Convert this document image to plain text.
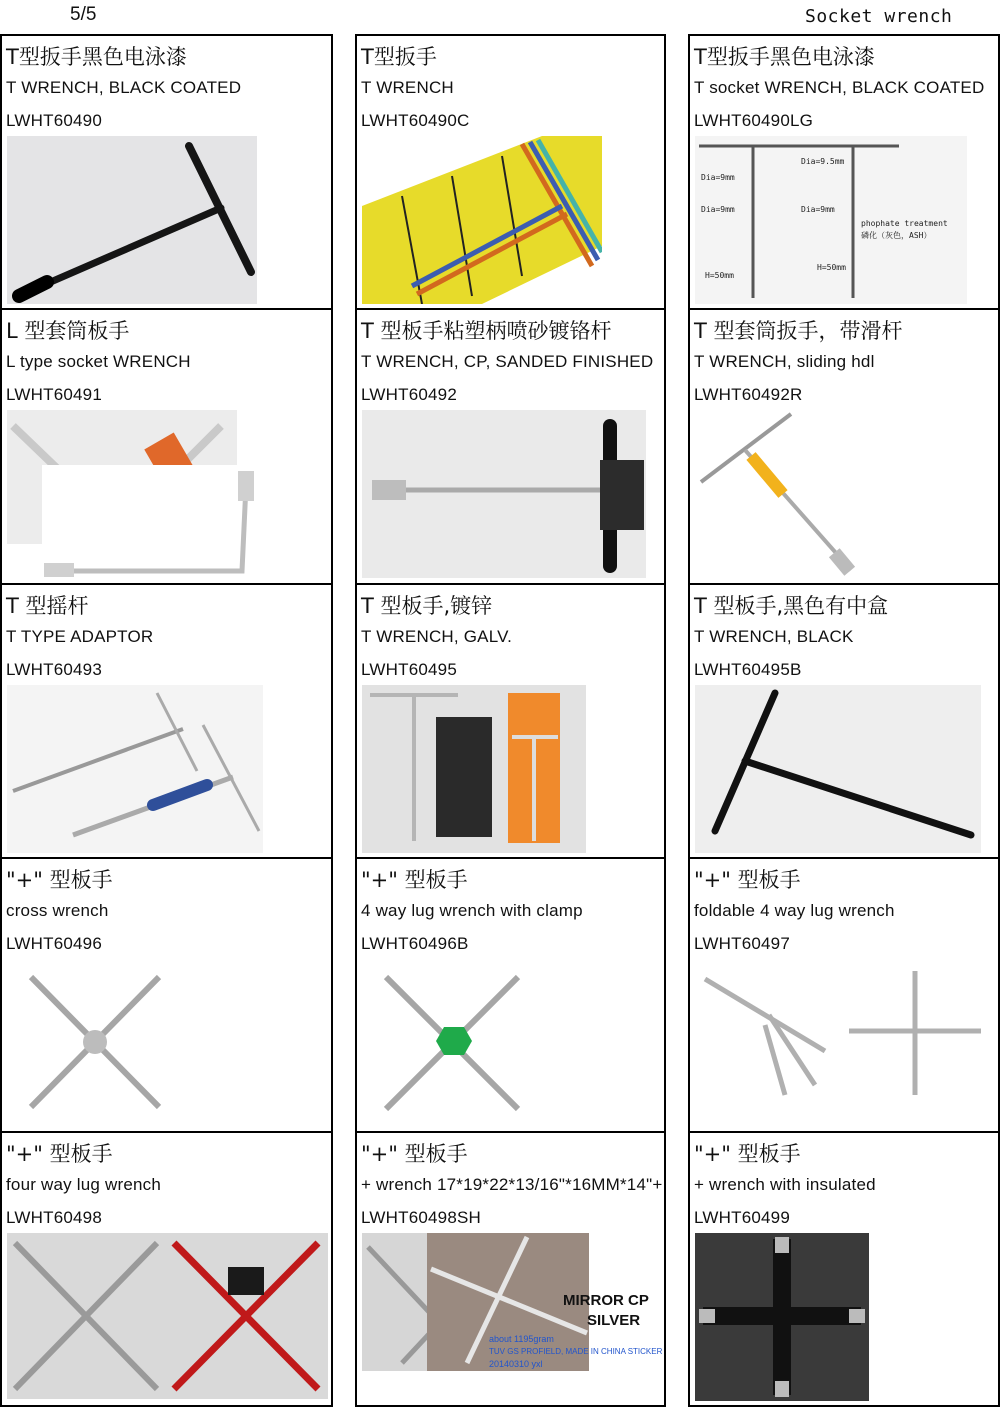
5/5	Socket wrench
T型扳手黑色电泳漆
T WRENCH, BLACK COATED
LWHT60490
T型扳手
T WRENCH
LWHT60490C
T型扳手黑色电泳漆
T socket WRENCH, BLACK COATED
LWHT60490LG
Dia=9mm
Dia=9mm
Dia=9.5mm
Dia=9mm
H=50mm
H=50mm
phophate treatment
磷化（灰色，ASH）
L 型套筒板手
L type socket WRENCH
LWHT60491
T 型板手粘塑柄喷砂镀铬杆
T WRENCH, CP, SANDED FINISHED
LWHT60492
T 型套筒扳手，带滑杆
T WRENCH, sliding hdl
LWHT60492R
T 型摇杆
T TYPE ADAPTOR
LWHT60493
T 型板手,镀锌
T WRENCH, GALV.
LWHT60495
T 型板手,黑色有中盒
T WRENCH, BLACK
LWHT60495B
"+" 型板手
cross wrench
LWHT60496
"+" 型板手
4 way lug wrench with clamp
LWHT60496B
"+" 型板手
foldable 4 way lug wrench
LWHT60497
"+" 型板手
four way lug wrench
LWHT60498
"+" 型板手
+ wrench 17*19*22*13/16"*16MM*14"+
LWHT60498SH
MIRROR CP
SILVER
about 1195gram
TUV GS PROFIELD, MADE IN CHINA STICKER
20140310 yxl
"+" 型板手
+ wrench with insulated
LWHT60499
